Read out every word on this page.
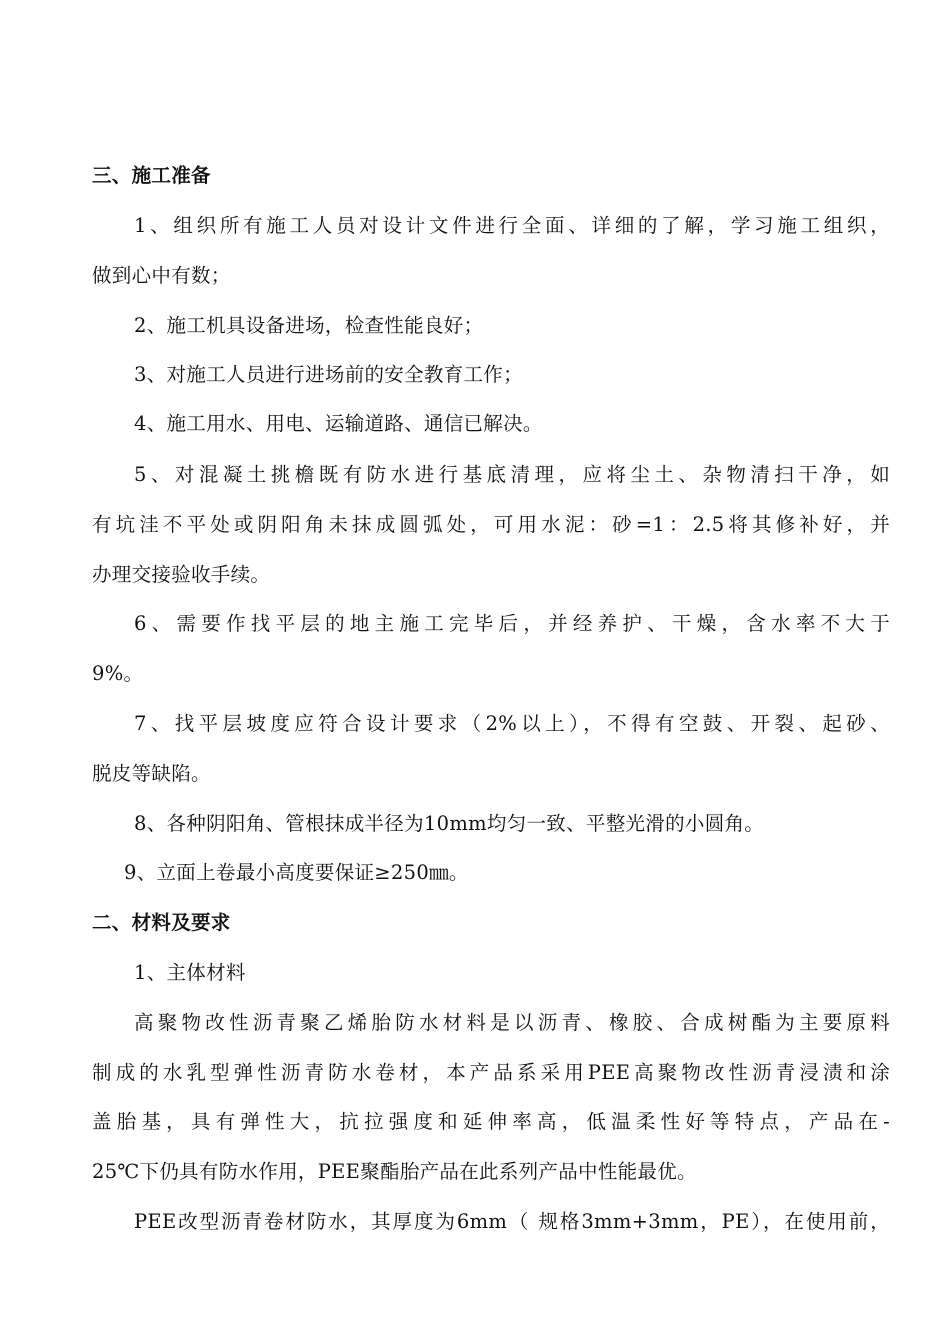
三、施工准备
1、组织所有施工人员对设计文件进行全面、详细的了解，学习施工组织，
做到心中有数；
2、施工机具设备进场，检查性能良好；
3、对施工人员进行进场前的安全教育工作；
4、施工用水、用电、运输道路、通信已解决。
5、对混凝土挑檐既有防水进行基底清理，应将尘土、杂物清扫干净，如
有坑洼不平处或阴阳角未抹成圆弧处，可用水泥：砂=1：2.5将其修补好，并
办理交接验收手续。
6、需要作找平层的地主施工完毕后，并经养护、干燥，含水率不大于
9%。
7、找平层坡度应符合设计要求（2%以上），不得有空鼓、开裂、起砂、
脱皮等缺陷。
8、各种阴阳角、管根抹成半径为10mm均匀一致、平整光滑的小圆角。
9、立面上卷最小高度要保证≥250㎜。
二、材料及要求
1、主体材料
高聚物改性沥青聚乙烯胎防水材料是以沥青、橡胶、合成树酯为主要原料
制成的水乳型弹性沥青防水卷材，本产品系采用PEE高聚物改性沥青浸渍和涂
盖胎基，具有弹性大，抗拉强度和延伸率高，低温柔性好等特点，产品在-
25℃下仍具有防水作用，PEE聚酯胎产品在此系列产品中性能最优。
PEE改型沥青卷材防水，其厚度为6mm（ 规格3mm+3mm，PE），在使用前，
